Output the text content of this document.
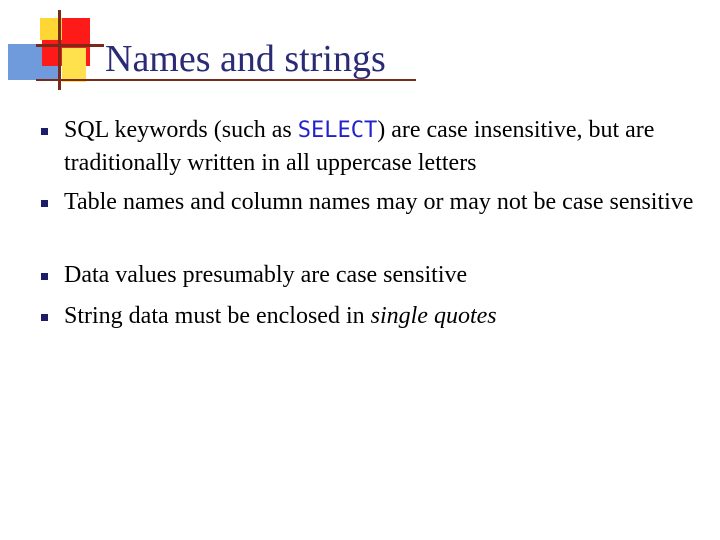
Names and strings
SQL keywords (such as SELECT) are case insensitive, but are traditionally written in all uppercase letters
Table names and column names may or may not be case sensitive
Data values presumably are case sensitive
String data must be enclosed in single quotes
